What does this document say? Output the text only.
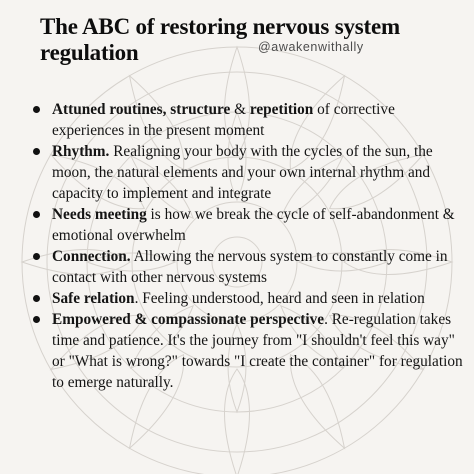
The ABC of restoring nervous system regulation	@awakenwithally
Attuned routines, structure & repetition of corrective experiences in the present moment
Rhythm. Realigning your body with the cycles of the sun, the moon, the natural elements and your own internal rhythm and capacity to implement and integrate
Needs meeting is how we break the cycle of self-abandonment & emotional overwhelm
Connection. Allowing the nervous system to constantly come in contact with other nervous systems
Safe relation. Feeling understood, heard and seen in relation
Empowered & compassionate perspective. Re-regulation takes time and patience. It's the journey from "I shouldn't feel this way" or "What is wrong?" towards "I create the container" for regulation to emerge naturally.
